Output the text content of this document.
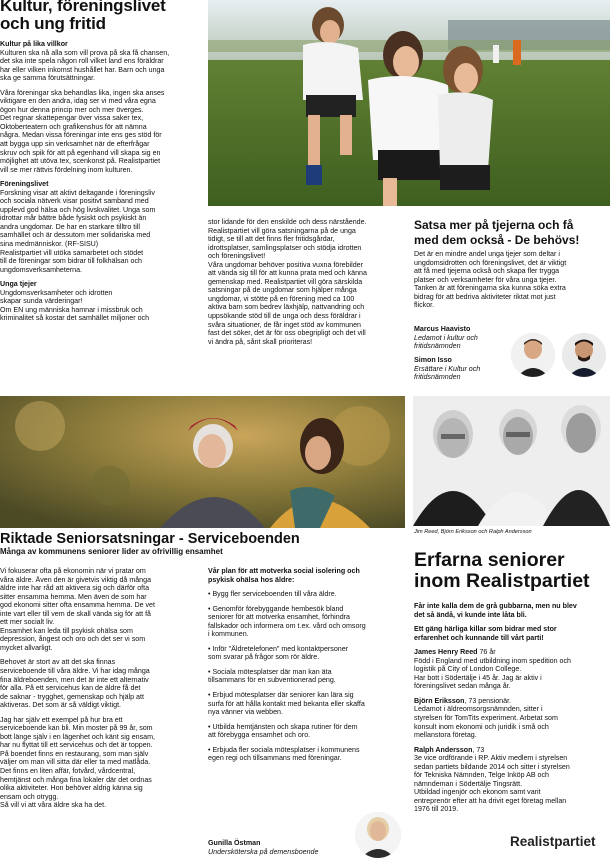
Kultur, föreningslivet
och ung fritid
Kultur på lika villkor

Kulturen ska nå alla som vill prova på ska få chansen,
det ska inte spela någon roll vilket land ens föräldrar
har eller vilken inkomst hushållet har. Barn och unga
ska ge samma förutsättningar.

Våra föreningar ska behandlas lika, ingen ska anses
viktigare en den andra, idag ser vi med våra egna
ögon hur denna princip mer och mer överges.
Det regnar skattepengar över vissa saker tex,
Oktoberteatern och grafikenshus för att nämna
några. Medan vissa föreningar inte ens ges stöd för
att bygga upp sin verksamhet när de efterfrågar
skruv och spik för att på egenhand vill skapa sig en
möjlighet att utöva tex, scenkonst på. Realistpartiet
vill se mer rättvis fördelning inom kulturen.

Föreningslivet

Forskning visar att aktivt deltagande i föreningsliv
och sociala nätverk visar positivt samband med
upplevd god hälsa och hög livskvalitet. Unga som
idrottar mår bättre både fysiskt och psykiskt än
andra ungdomar. De har en starkare tilltro till
samhället och är dessutom mer solidariska med
sina medmänniskor. (RF-SISU)
Realistpartiet vill utöka samarbetet och stödet
till de föreningar som bidrar till folkhälsan och
ungdomsverksamheterna.

Unga tjejer

Ungdomsverksamheter och idrotten
skapar sunda värderingar!
Om EN ung människa hamnar i missbruk och
kriminalitet så kostar det samhället miljoner och

stor lidande för den enskilde och dess närstående.
Realistpartiet vill göra satsningarna på de unga
tidigt, se till att det finns fler fritidsgårdar,
idrottsplatser, samlingsplatser och stödja idrotten
och föreningslivet!
Våra ungdomar behöver positiva vuxna förebilder
att vända sig till för att kunna prata med och känna
gemenskap med. Realistpartiet vill göra särskilda
satsningar på de ungdomar som hjälper många
ungdomar, vi stötte på en förening med ca 100
aktiva barn som bedrev läxhjälp, nattvandring och
uppsökande stöd till de unga och dess föräldrar i
svåra situationer, de får inget stöd av kommunen
fast det söker, det är för oss obegripligt och det vill
vi ändra på, sånt skall prioriteras!

Satsa mer på tjejerna och få
med dem också - De behövs!

Det är en mindre andel unga tjejer som deltar i
ungdomsidrotten och föreningslivet, det är viktigt
att få med tjejerna också och skapa fler trygga
platser och verksamheter för våra unga tjejer.
Tanken är att föreningarna ska kunna söka extra
bidrag för att bedriva aktiviteter riktat mot just
flickor.

Marcus Haavisto
Ledamot i kultur och
fritidsnämnden
Simon Isso
Ersättare i Kultur och
fritidsnämnden
Jim Reed, Björn Eriksson och Ralph Andersson
Riktade Seniorsatsningar - Serviceboenden
Många av kommunens seniorer lider av ofrivillig ensamhet

Vi fokuserar ofta på ekonomin när vi pratar om
våra äldre. Även den är givetvis viktig då många
äldre inte har råd att aktivera sig och därför ofta
sitter ensamma hemma. Men även de som har
god ekonomi sitter ofta ensamma hemma. De vet
inte vart eller till vem de skall vända sig för att få
ett mer socialt liv.
Ensamhet kan leda till psykisk ohälsa som
depression, ångest och oro och det ser vi som
mycket allvarligt.

Behovet är stort av att det ska finnas
serviceboende till våra äldre. Vi har idag många
fina äldreboenden, men det är inte ett alternativ
för alla. På ett servicehus kan de äldre få det
de saknar - trygghet, gemenskap och hjälp att
aktiveras. Det som är så väldigt viktigt.

Jag har själv ett exempel på hur bra ett
serviceboende kan bli. Min moster på 99 år, som
bott länge själv i en lägenhet och känt sig ensam,
har nu flyttat till ett servicehus och det är toppen.
På boendet finns en restaurang, som man själv
väljer om man vill sitta där eller ta med matlåda.
Det finns en liten affär, fotvård, vårdcentral,
hemtjänst och många fina lokaler där det ordnas
olika aktiviteter. Hon behöver aldrig känna sig
ensam och otrygg.
Så vill vi att våra äldre ska ha det.

Vår plan för att motverka social isolering och
psykisk ohälsa hos äldre:

• Bygg fler serviceboenden till våra äldre.

• Genomför förebyggande hembesök bland
seniorer för att motverka ensamhet, förhindra
fallskador och informera om t.ex. vård och omsorg
i kommunen.

• Inför "Äldretelefonen" med kontaktpersoner
som svarar på frågor som rör äldre.

• Sociala mötesplatser där man kan äta
tillsammans för en subventionerad peng.

• Erbjud mötesplatser där seniorer kan lära sig
surfa för att hålla kontakt med bekanta eller skaffa
nya vänner via webben.

• Utbilda hemtjänsten och skapa rutiner för dem
att förebygga ensamhet och oro.

• Erbjuda fler sociala mötesplatser i kommunens
egen regi och tillsammans med föreningar.

Gunilla Östman
Undersköterska på demensboende
Erfarna seniorer
inom Realistpartiet

Får inte kalla dem de grå gubbarna, men nu blev
det så ändå, vi kunde inte låta bli.

Ett gäng härliga killar som bidrar med stor
erfarenhet och kunnande till vårt parti!

James Henry Reed 76 år

Född i England med utbildning inom spedition och
logistik på City of London College.
Har bott i Södertälje i 45 år. Jag är aktiv i
föreningslivet sedan många år.

Björn Eriksson, 73 pensionär.

Ledamot i äldreomsorgsnämnden, sitter i
styrelsen för TomTits experiment. Arbetat som
konsult inom ekonomi och juridik i små och
mellanstora företag.

Ralph Andersson, 73

3e vice ordförande i RP. Aktiv medlem i styrelsen
sedan partiets bildande 2014 och sitter i styrelsen
för Tekniska Nämnden, Telge Inköp AB och
nämndeman i Södertälje Tingsrätt.
Utbildad ingenjör och ekonom samt varit
entreprenör efter att ha drivit eget företag mellan
1976 till 2019.

Realistpartiet
